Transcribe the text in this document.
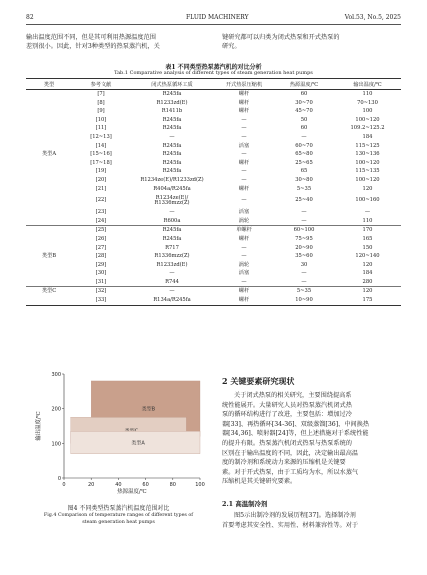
82	FLUID MACHINERY	Vol.53, No.5, 2025
输出温度范围不同，但是其可利用热源温度范围
差别很小。因此，针对3种类型的热泵蒸汽机，关
键研究都可以归类为闭式热泵和开式热泵的
研究。
表1 不同类型热泵蒸汽机的对比分析
Tab.1 Comparative analysis of different types of steam generation heat pumps
类型	参考文献	闭式热泵循环工质	开式热泵压缩机	热源温度/℃	输出温度/℃
	[7]	R245fa	螺杆	60	110
	[8]	R1233zd(E)	螺杆	30~70	70~130
	[9]	R1411b	螺杆	45~70	100
	[10]	R245fa	—	50	100~120
	[11]	R245fa	—	60	109.2~125.2
	[12~13]	—	—	—	184
	[14]	R245fa	活塞	60~70	115~125
类型A	[15~16]	R245fa	—	65~80	130~136
	[17~18]	R245fa	螺杆	25~65	100~120
	[19]	R245fa	—	65	115~135
	[20]	R1234ze(E)/R1233zd(Z)	—	30~80	100~120
	[21]	R404a/R245fa	螺杆	5~35	120
	[22]	R1234ze(E)/
R1336mzz(Z)	—	25~40	100~160
	[23]	—	活塞	—	—
	[24]	R600a	涡轮	—	110
	[25]	R245fa	单螺杆	60~100	170
	[26]	R245fa	螺杆	75~95	165
	[27]	R717	—	20~90	150
类型B	[28]	R1336mzz(Z)	—	35~60	120~140
	[29]	R1233zd(E)	涡轮	30	120
	[30]	—	活塞	—	184
	[31]	R744	—	—	280
类型C	[32]	—	螺杆	5~35	120
	[33]	R134a/R245fa	螺杆	10~90	175
类型B
类型A
0	20	40	60	80	100
0
100
200
300
热源温度/℃
输出温度/℃
图4 不同类型热泵蒸汽机温度范围对比
Fig.4 Comparison of temperature ranges of different types of
steam generation heat pumps
2 关键要素研究现状
关于闭式热泵的相关研究，主要围绕提高系
统性能展开。大量研究人员对热泵蒸汽机闭式热
泵的循环结构进行了改进，主要包括：增加过冷
器[33]、再热循环[34-36]、双级蒸馏[36]、中间换热
器[34,36]、喷射器[24]等，但上述措施对于系统性能
的提升有限。热泵蒸汽机闭式热泵与热泵系统的
区别在于输出温度的不同，因此，决定输出最高温
度的制冷剂和系统动力来源的压缩机是关键要
素。对于开式热泵，由于工质均为水，所以水蒸气
压缩机是其关键研究要素。
2.1 高温制冷剂
图5示出制冷剂的发展历程[37]。选择制冷剂
首要考虑其安全性、实用性、材料兼容性等。对于
